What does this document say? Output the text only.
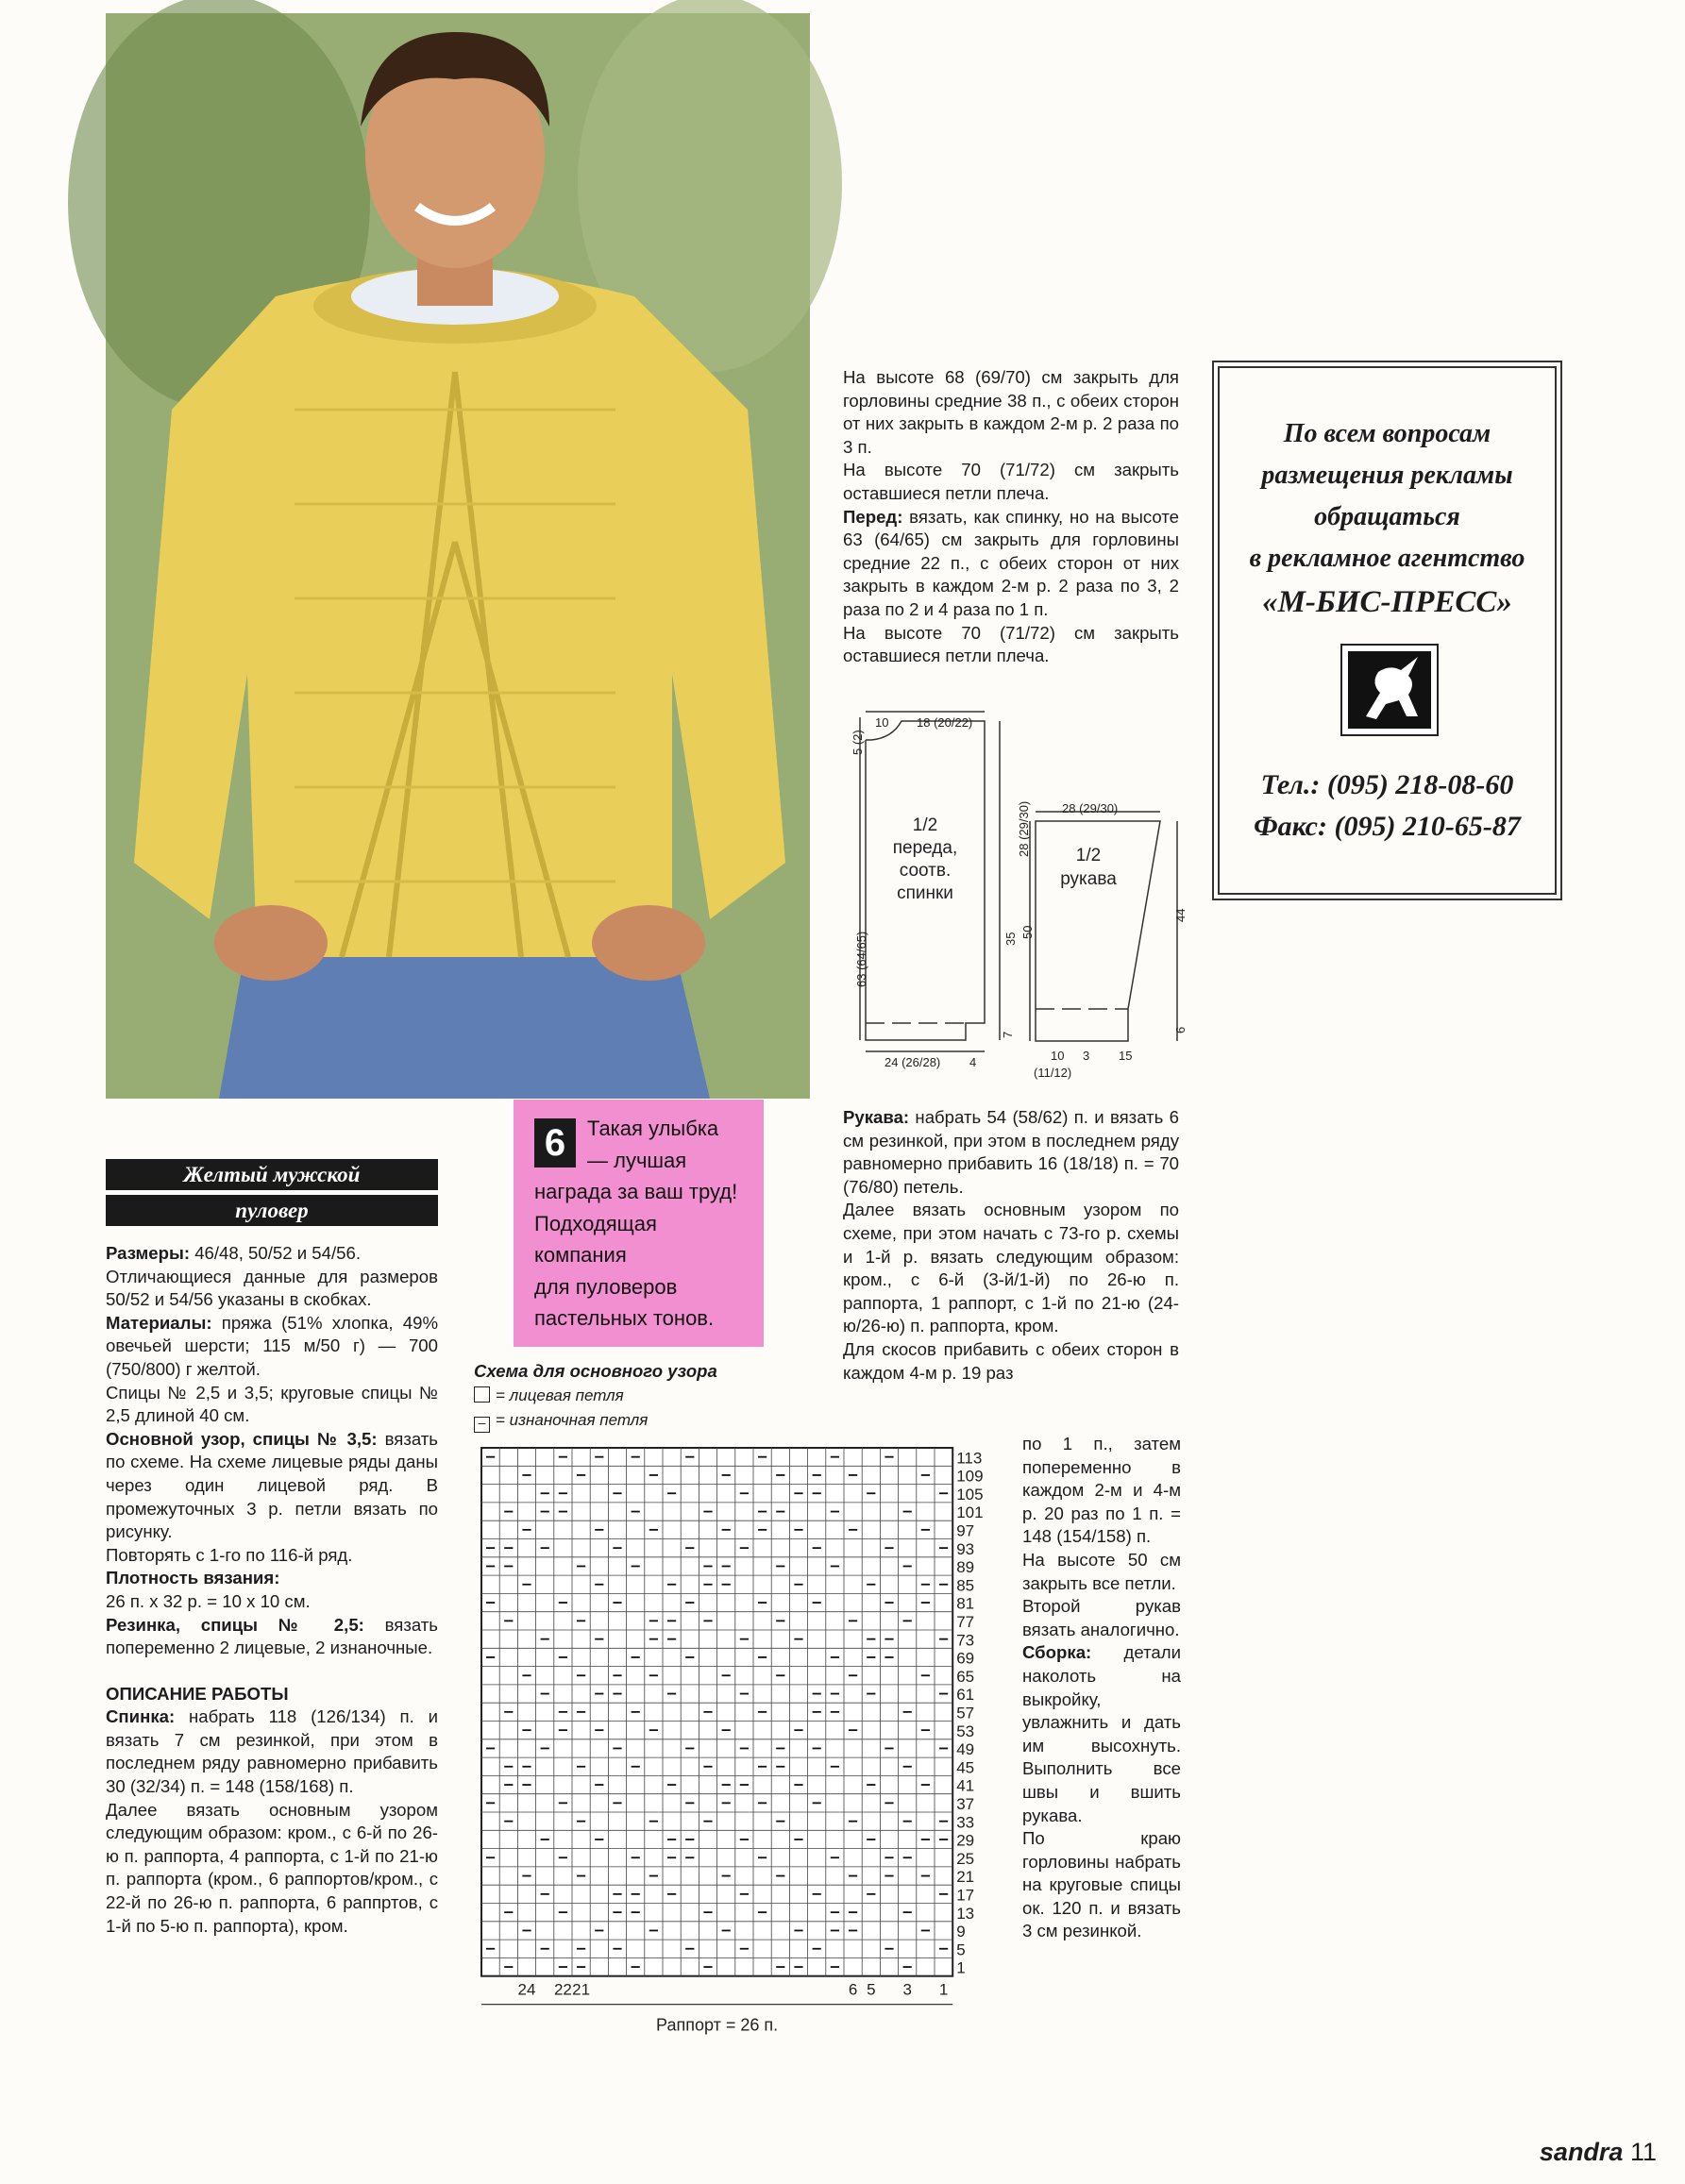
На высоте 68 (69/70) см закрыть для горловины средние 38 п., с обеих сторон от них закрыть в каждом 2-м р. 2 раза по 3 п.

На высоте 70 (71/72) см закрыть оставшиеся петли плеча.

Перед: вязать, как спинку, но на высоте 63 (64/65) см закрыть для горловины средние 22 п., с обеих сторон от них закрыть в каждом 2-м р. 2 раза по 3, 2 раза по 2 и 4 раза по 1 п.

На высоте 70 (71/72) см закрыть оставшиеся петли плеча.

10 18 (20/22)
5 (2)
63 (64/65)
28 (29/30)
35
7
24 (26/28) 4
1/2
переда,
соотв.
спинки
28 (29/30)
50
44
6
10 3 15
(11/12)
1/2
рукава
По всем вопросам
размещения рекламы
обращаться
в рекламное агентство
«М-БИС-ПРЕСС»
Тел.: (095) 218-08-60
Факс: (095) 210-65-87
6	Такая улыбка
— лучшая
награда за ваш труд!
Подходящая
компания
для пуловеров
пастельных тонов.
Желтый мужской
пуловер

Размеры: 46/48, 50/52 и 54/56.

Отличающиеся данные для размеров 50/52 и 54/56 указаны в скобках.

Материалы: пряжа (51% хлопка, 49% овечьей шерсти; 115 м/50 г) — 700 (750/800) г желтой.

Спицы № 2,5 и 3,5; круговые спицы № 2,5 длиной 40 см.

Основной узор, спицы № 3,5: вязать по схеме. На схеме лицевые ряды даны через один лицевой ряд. В промежуточных 3 р. петли вязать по рисунку.

Повторять с 1-го по 116-й ряд.

Плотность вязания:

26 п. х 32 р. = 10 х 10 см.

Резинка, спицы № 2,5: вязать попеременно 2 лицевые, 2 изнаночные.

ОПИСАНИЕ РАБОТЫ

Спинка: набрать 118 (126/134) п. и вязать 7 см резинкой, при этом в последнем ряду равномерно прибавить 30 (32/34) п. = 148 (158/168) п.

Далее вязать основным узором следующим образом: кром., с 6-й по 26-ю п. раппорта, 4 раппорта, с 1-й по 21-ю п. раппорта (кром., 6 раппортов/кром., с 22-й по 26-ю п. раппорта, 6 раппртов, с 1-й по 5-ю п. раппорта), кром.

Схема для основного узора
= лицевая петля
– = изнаночная петля
113
109
105
101
97
93
89
85
81
77
73
69
65
61
57
53
49
45
41
37
33
29
25
21
17
13
9
5
1
24 22 21	6 5 3 1
Раппорт = 26 п.

Рукава: набрать 54 (58/62) п. и вязать 6 см резинкой, при этом в последнем ряду равномерно прибавить 16 (18/18) п. = 70 (76/80) петель.

Далее вязать основным узором по схеме, при этом начать с 73-го р. схемы и 1-й р. вязать следующим образом: кром., с 6-й (3-й/1-й) по 26-ю п. раппорта, 1 раппорт, с 1-й по 21-ю (24-ю/26-ю) п. раппорта, кром.

Для скосов прибавить с обеих сторон в каждом 4-м р. 19 раз

по 1 п., затем попеременно в каждом 2-м и 4-м р. 20 раз по 1 п. = 148 (154/158) п.

На высоте 50 см закрыть все петли.

Второй рукав вязать аналогично.

Сборка: детали наколоть на выкройку, увлажнить и дать им высохнуть. Выполнить все швы и вшить рукава.

По краю горловины набрать на круговые спицы ок. 120 п. и вязать 3 см резинкой.

sandra 11
